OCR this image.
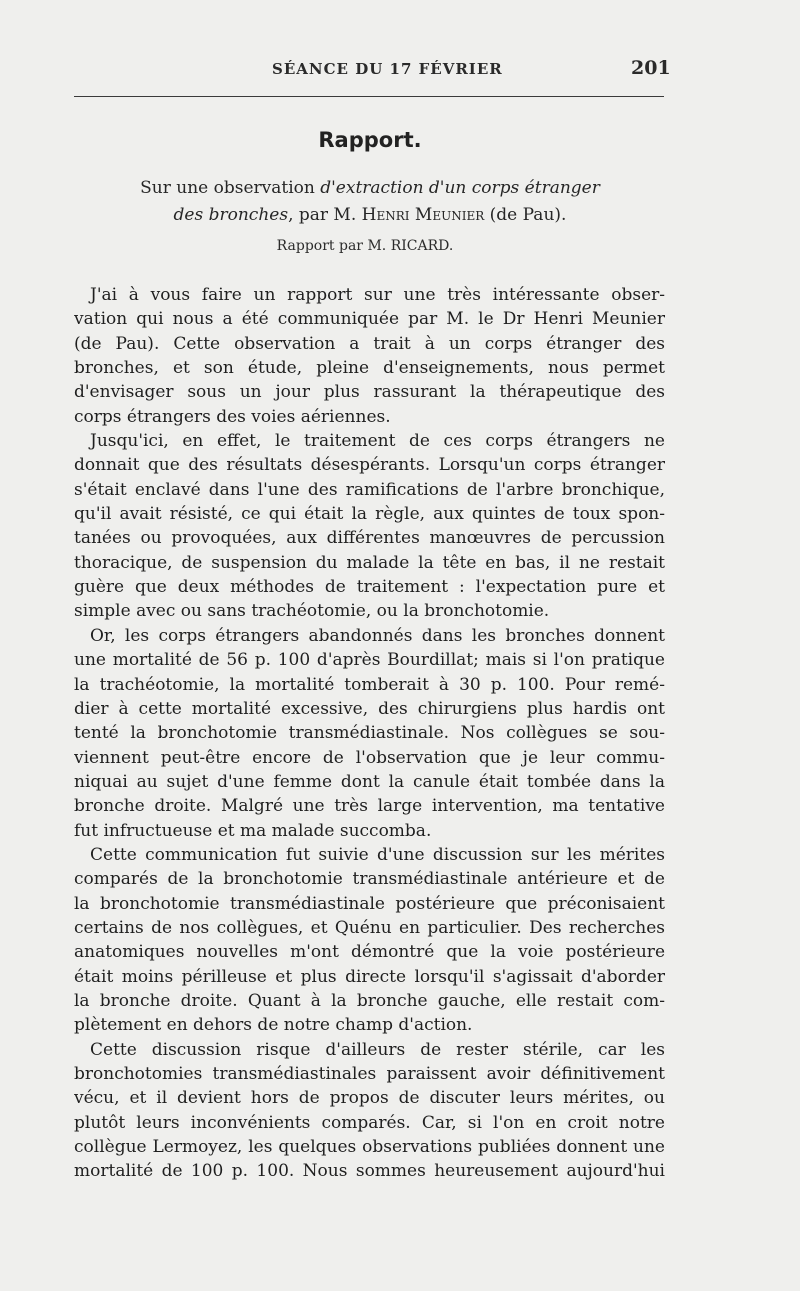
SÉANCE DU 17 FÉVRIER	201
Rapport.
Sur une observation d'extraction d'un corps étranger
des bronches, par M. Henri Meunier (de Pau).
Rapport par M. RICARD.
J'ai à vous faire un rapport sur une très intéressante obser-
vation qui nous a été communiquée par M. le Dr Henri Meunier
(de Pau). Cette observation a trait à un corps étranger des
bronches, et son étude, pleine d'enseignements, nous permet
d'envisager sous un jour plus rassurant la thérapeutique des
corps étrangers des voies aériennes.
Jusqu'ici, en effet, le traitement de ces corps étrangers ne
donnait que des résultats désespérants. Lorsqu'un corps étranger
s'était enclavé dans l'une des ramifications de l'arbre bronchique,
qu'il avait résisté, ce qui était la règle, aux quintes de toux spon-
tanées ou provoquées, aux différentes manœuvres de percussion
thoracique, de suspension du malade la tête en bas, il ne restait
guère que deux méthodes de traitement : l'expectation pure et
simple avec ou sans trachéotomie, ou la bronchotomie.
Or, les corps étrangers abandonnés dans les bronches donnent
une mortalité de 56 p. 100 d'après Bourdillat; mais si l'on pratique
la trachéotomie, la mortalité tomberait à 30 p. 100. Pour remé-
dier à cette mortalité excessive, des chirurgiens plus hardis ont
tenté la bronchotomie transmédiastinale. Nos collègues se sou-
viennent peut-être encore de l'observation que je leur commu-
niquai au sujet d'une femme dont la canule était tombée dans la
bronche droite. Malgré une très large intervention, ma tentative
fut infructueuse et ma malade succomba.
Cette communication fut suivie d'une discussion sur les mérites
comparés de la bronchotomie transmédiastinale antérieure et de
la bronchotomie transmédiastinale postérieure que préconisaient
certains de nos collègues, et Quénu en particulier. Des recherches
anatomiques nouvelles m'ont démontré que la voie postérieure
était moins périlleuse et plus directe lorsqu'il s'agissait d'aborder
la bronche droite. Quant à la bronche gauche, elle restait com-
plètement en dehors de notre champ d'action.
Cette discussion risque d'ailleurs de rester stérile, car les
bronchotomies transmédiastinales paraissent avoir définitivement
vécu, et il devient hors de propos de discuter leurs mérites, ou
plutôt leurs inconvénients comparés. Car, si l'on en croit notre
collègue Lermoyez, les quelques observations publiées donnent une
mortalité de 100 p. 100. Nous sommes heureusement aujourd'hui
